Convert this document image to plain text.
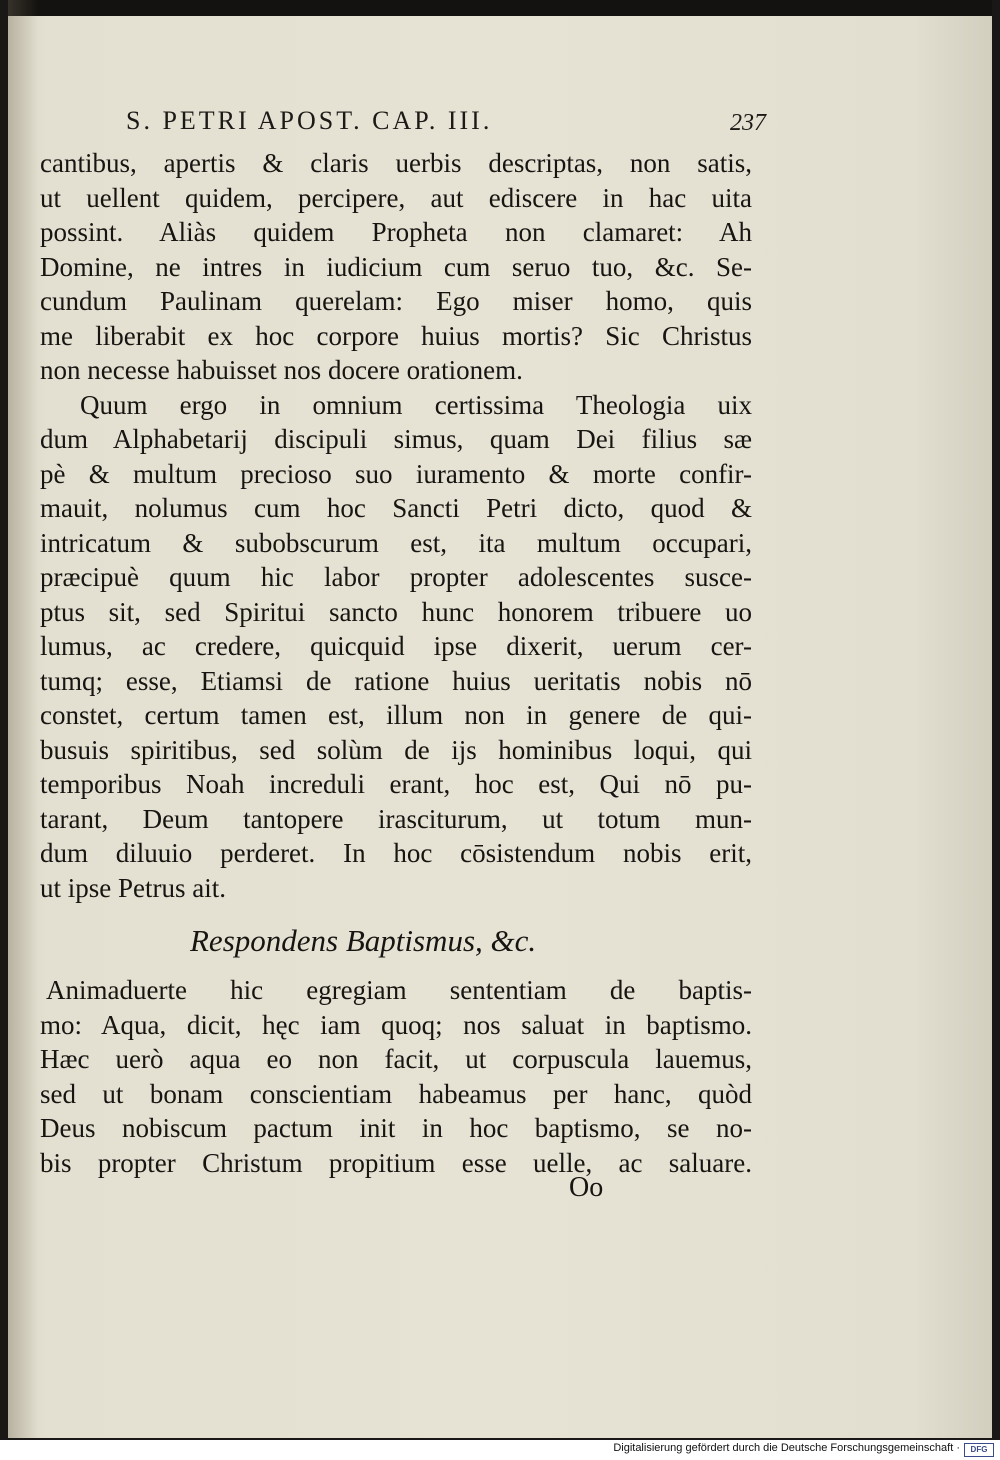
S. PETRI APOST. CAP. III.	237
cantibus, apertis & claris uerbis descriptas, non satis,
ut uellent quidem, percipere, aut ediscere in hac uita
possint. Aliàs quidem Propheta non clamaret: Ah
Domine, ne intres in iudicium cum seruo tuo, &c. Se-
cundum Paulinam querelam: Ego miser homo, quis
me liberabit ex hoc corpore huius mortis? Sic Christus
non necesse habuisset nos docere orationem.
Quum ergo in omnium certissima Theologia uix
dum Alphabetarij discipuli simus, quam Dei filius sæ
pè & multum precioso suo iuramento & morte confir-
mauit, nolumus cum hoc Sancti Petri dicto, quod &
intricatum & subobscurum est, ita multum occupari,
præcipuè quum hic labor propter adolescentes susce-
ptus sit, sed Spiritui sancto hunc honorem tribuere uo
lumus, ac credere, quicquid ipse dixerit, uerum cer-
tumq; esse, Etiamsi de ratione huius ueritatis nobis nō
constet, certum tamen est, illum non in genere de qui-
busuis spiritibus, sed solùm de ijs hominibus loqui, qui
temporibus Noah increduli erant, hoc est, Qui nō pu-
tarant, Deum tantopere irasciturum, ut totum mun-
dum diluuio perderet. In hoc cōsistendum nobis erit,
ut ipse Petrus ait.
Respondens Baptismus, &c.
Animaduerte hic egregiam sententiam de baptis-
mo: Aqua, dicit, hęc iam quoq; nos saluat in baptismo.
Hæc uerò aqua eo non facit, ut corpuscula lauemus,
sed ut bonam conscientiam habeamus per hanc, quòd
Deus nobiscum pactum init in hoc baptismo, se no-
bis propter Christum propitium esse uelle, ac saluare.
Oo
Digitalisierung gefördert durch die Deutsche Forschungsgemeinschaft ·	DFG
